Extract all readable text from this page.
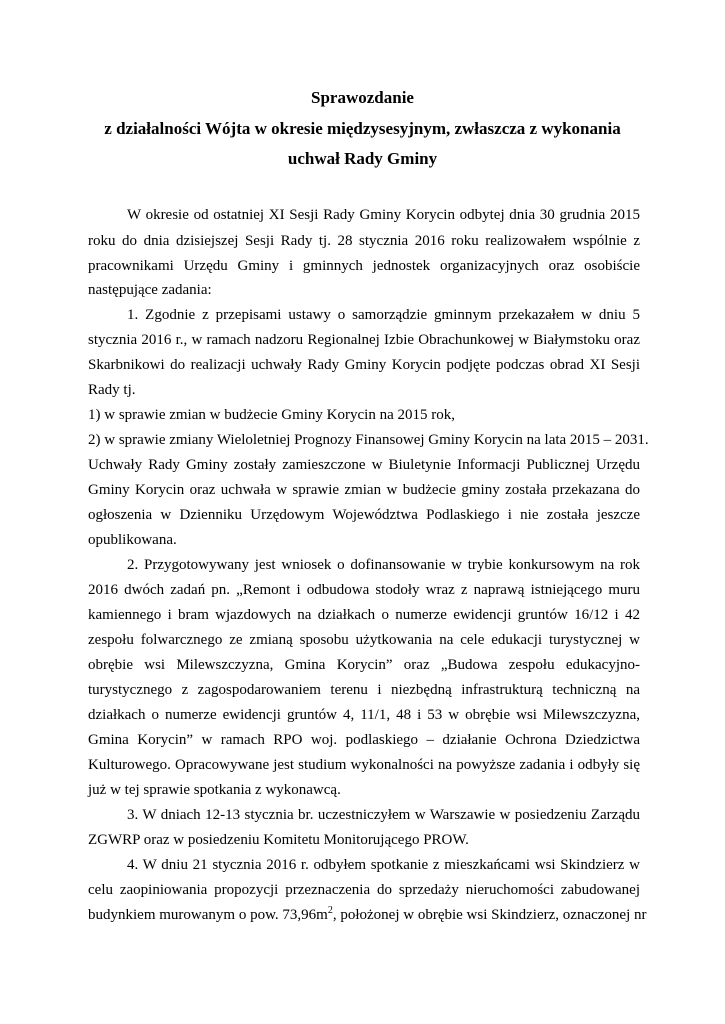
Sprawozdanie
z działalności Wójta w okresie międzysesyjnym, zwłaszcza z wykonania
uchwał Rady Gminy
W okresie od ostatniej XI Sesji Rady Gminy Korycin odbytej dnia 30 grudnia 2015
roku do dnia dzisiejszej Sesji Rady tj. 28 stycznia 2016 roku realizowałem wspólnie z
pracownikami Urzędu Gminy i gminnych jednostek organizacyjnych oraz osobiście
następujące zadania:
1. Zgodnie z przepisami ustawy o samorządzie gminnym przekazałem w dniu 5
stycznia 2016 r., w ramach nadzoru Regionalnej Izbie Obrachunkowej w Białymstoku oraz
Skarbnikowi do realizacji uchwały Rady Gminy Korycin podjęte podczas obrad XI Sesji
Rady tj.
1) w sprawie zmian w budżecie Gminy Korycin na 2015 rok,
2) w sprawie zmiany Wieloletniej Prognozy Finansowej Gminy Korycin na lata 2015 – 2031.
Uchwały Rady Gminy zostały zamieszczone w Biuletynie Informacji Publicznej Urzędu
Gminy Korycin oraz uchwała w sprawie zmian w budżecie gminy została przekazana do
ogłoszenia w Dzienniku Urzędowym Województwa Podlaskiego i nie została jeszcze
opublikowana.
2. Przygotowywany jest wniosek o dofinansowanie w trybie konkursowym na rok
2016 dwóch zadań pn. „Remont i odbudowa stodoły wraz z naprawą istniejącego muru
kamiennego i bram wjazdowych na działkach o numerze ewidencji gruntów 16/12 i 42
zespołu folwarcznego ze zmianą sposobu użytkowania na cele edukacji turystycznej w
obrębie wsi Milewszczyzna, Gmina Korycin” oraz „Budowa zespołu edukacyjno-
turystycznego z zagospodarowaniem terenu i niezbędną infrastrukturą techniczną na
działkach o numerze ewidencji gruntów 4, 11/1, 48 i 53 w obrębie wsi Milewszczyzna,
Gmina Korycin” w ramach RPO woj. podlaskiego – działanie Ochrona Dziedzictwa
Kulturowego. Opracowywane jest studium wykonalności na powyższe zadania i odbyły się
już w tej sprawie spotkania z wykonawcą.
3. W dniach 12-13 stycznia br. uczestniczyłem w Warszawie w posiedzeniu Zarządu
ZGWRP oraz w posiedzeniu Komitetu Monitorującego PROW.
4. W dniu 21 stycznia 2016 r. odbyłem spotkanie z mieszkańcami wsi Skindzierz w
celu zaopiniowania propozycji przeznaczenia do sprzedaży nieruchomości zabudowanej
budynkiem murowanym o pow. $73,96m^2$, położonej w obrębie wsi Skindzierz, oznaczonej nr
